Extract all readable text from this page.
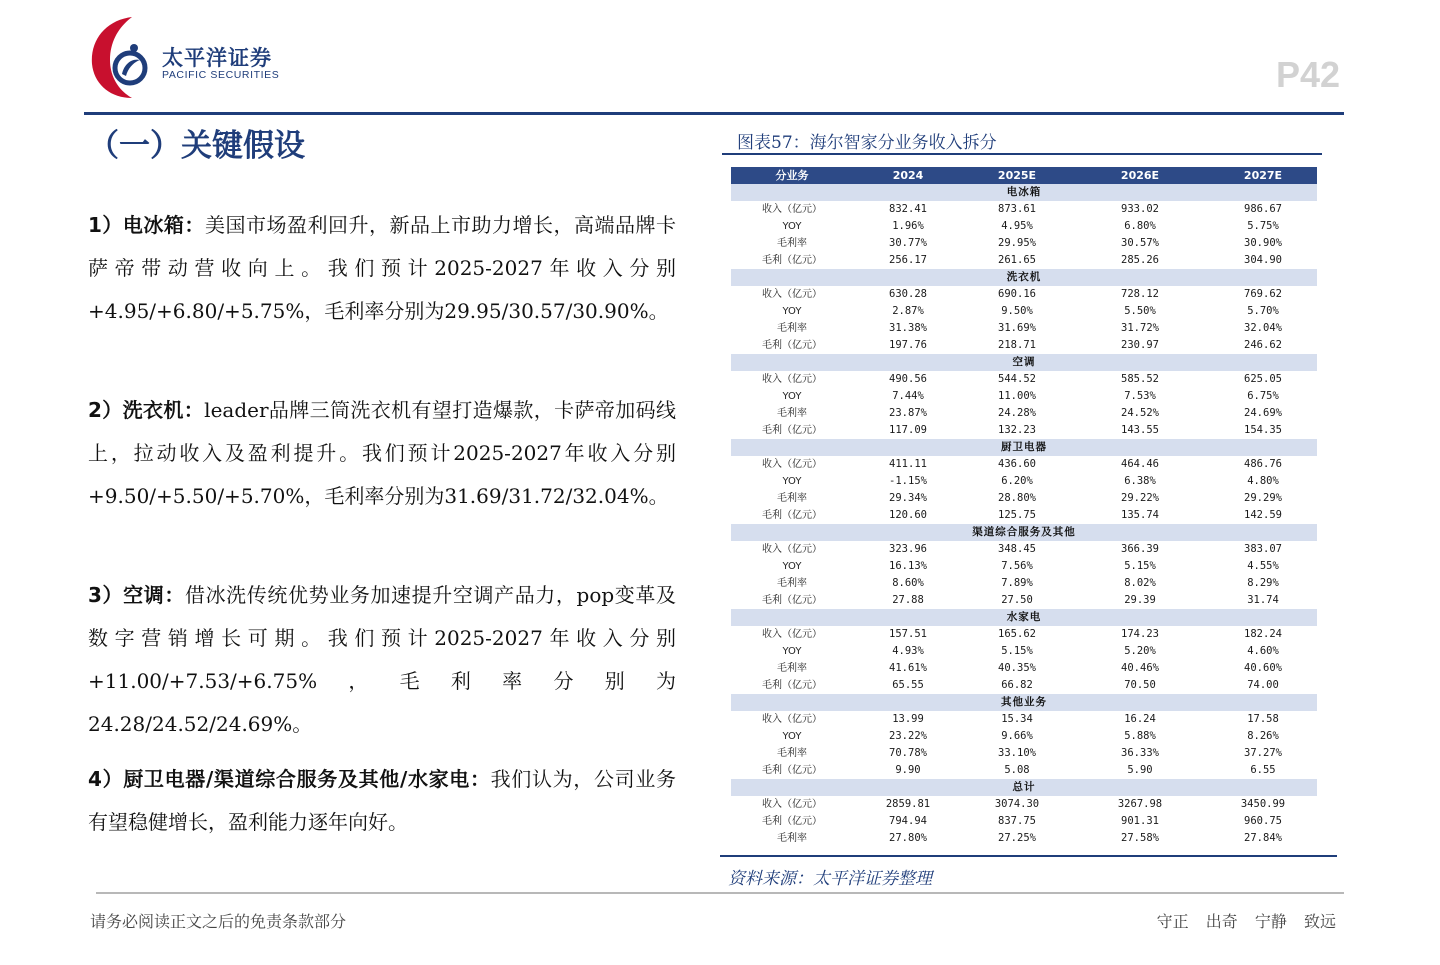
太平洋证券
PACIFIC SECURITIES	P42
（一）关键假设
1）电冰箱：美国市场盈利回升，新品上市助力增长，高端品牌卡萨帝带动营收向上。我们预计2025-2027年收入分别+4.95/+6.80/+5.75%，毛利率分别为29.95/30.57/30.90%。
2）洗衣机：leader品牌三筒洗衣机有望打造爆款，卡萨帝加码线上，拉动收入及盈利提升。我们预计2025-2027年收入分别+9.50/+5.50/+5.70%，毛利率分别为31.69/31.72/32.04%。
3）空调：借冰洗传统优势业务加速提升空调产品力，pop变革及数字营销增长可期。我们预计2025-2027年收入分别+11.00/+7.53/+6.75%，毛利率分别为24.28/24.52/24.69%。
4）厨卫电器/渠道综合服务及其他/水家电：我们认为，公司业务有望稳健增长，盈利能力逐年向好。
图表57：海尔智家分业务收入拆分
分业务	2024	2025E	2026E	2027E
电冰箱				
收入（亿元）	832.41	873.61	933.02	986.67
YOY	1.96%	4.95%	6.80%	5.75%
毛利率	30.77%	29.95%	30.57%	30.90%
毛利（亿元）	256.17	261.65	285.26	304.90
洗衣机				
收入（亿元）	630.28	690.16	728.12	769.62
YOY	2.87%	9.50%	5.50%	5.70%
毛利率	31.38%	31.69%	31.72%	32.04%
毛利（亿元）	197.76	218.71	230.97	246.62
空调				
收入（亿元）	490.56	544.52	585.52	625.05
YOY	7.44%	11.00%	7.53%	6.75%
毛利率	23.87%	24.28%	24.52%	24.69%
毛利（亿元）	117.09	132.23	143.55	154.35
厨卫电器				
收入（亿元）	411.11	436.60	464.46	486.76
YOY	-1.15%	6.20%	6.38%	4.80%
毛利率	29.34%	28.80%	29.22%	29.29%
毛利（亿元）	120.60	125.75	135.74	142.59
渠道综合服务及其他				
收入（亿元）	323.96	348.45	366.39	383.07
YOY	16.13%	7.56%	5.15%	4.55%
毛利率	8.60%	7.89%	8.02%	8.29%
毛利（亿元）	27.88	27.50	29.39	31.74
水家电				
收入（亿元）	157.51	165.62	174.23	182.24
YOY	4.93%	5.15%	5.20%	4.60%
毛利率	41.61%	40.35%	40.46%	40.60%
毛利（亿元）	65.55	66.82	70.50	74.00
其他业务				
收入（亿元）	13.99	15.34	16.24	17.58
YOY	23.22%	9.66%	5.88%	8.26%
毛利率	70.78%	33.10%	36.33%	37.27%
毛利（亿元）	9.90	5.08	5.90	6.55
总计				
收入（亿元）	2859.81	3074.30	3267.98	3450.99
毛利（亿元）	794.94	837.75	901.31	960.75
毛利率	27.80%	27.25%	27.58%	27.84%
资料来源：太平洋证券整理
请务必阅读正文之后的免责条款部分	守正 出奇 宁静 致远
